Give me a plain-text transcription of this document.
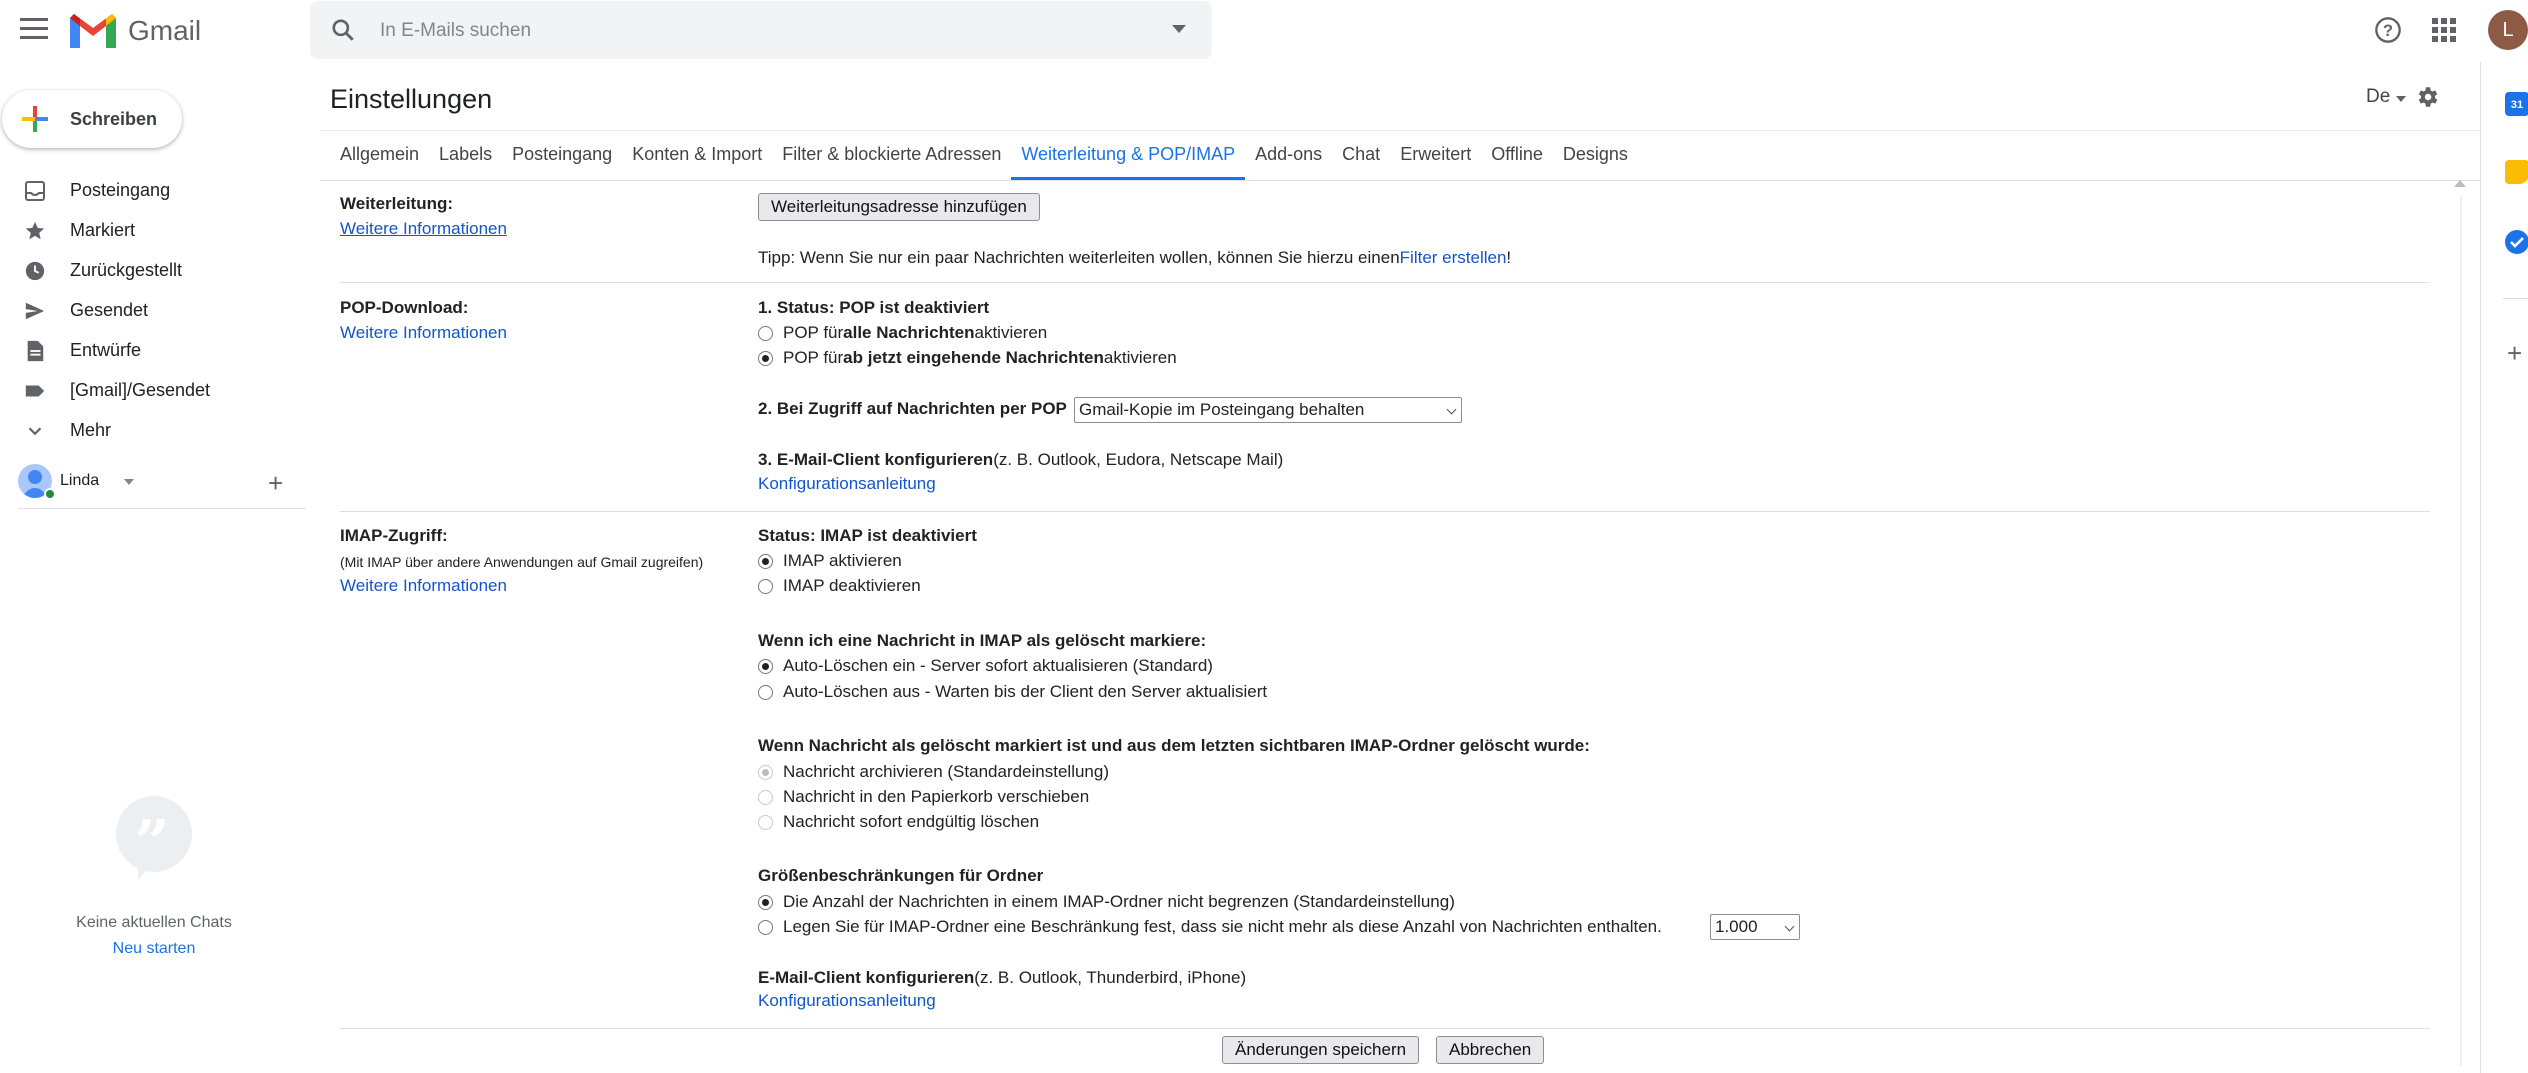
Gmail	In E-Mails suchen	?	L
Schreiben
Posteingang
Markiert
Zurückgestellt
Gesendet
Entwürfe
[Gmail]/Gesendet
Mehr
Linda	+
”
Keine aktuellen Chats
Neu starten
Einstellungen	De
Allgemein	Labels	Posteingang	Konten & Import	Filter & blockierte Adressen	Weiterleitung & POP/IMAP	Add-ons	Chat	Erweitert	Offline	Designs
Weiterleitung:
Weitere Informationen
Weiterleitungsadresse hinzufügen
Tipp: Wenn Sie nur ein paar Nachrichten weiterleiten wollen, können Sie hierzu einen Filter erstellen !
POP-Download:
Weitere Informationen
1. Status: POP ist deaktiviert
POP für alle Nachrichten aktivieren
POP für ab jetzt eingehende Nachrichten aktivieren
2. Bei Zugriff auf Nachrichten per POP Gmail-Kopie im Posteingang behalten
3. E-Mail-Client konfigurieren (z. B. Outlook, Eudora, Netscape Mail)
Konfigurationsanleitung
IMAP-Zugriff:
(Mit IMAP über andere Anwendungen auf Gmail zugreifen)
Weitere Informationen
Status: IMAP ist deaktiviert
IMAP aktivieren
IMAP deaktivieren
Wenn ich eine Nachricht in IMAP als gelöscht markiere:
Auto-Löschen ein - Server sofort aktualisieren (Standard)
Auto-Löschen aus - Warten bis der Client den Server aktualisiert
Wenn Nachricht als gelöscht markiert ist und aus dem letzten sichtbaren IMAP-Ordner gelöscht wurde:
Nachricht archivieren (Standardeinstellung)
Nachricht in den Papierkorb verschieben
Nachricht sofort endgültig löschen
Größenbeschränkungen für Ordner
Die Anzahl der Nachrichten in einem IMAP-Ordner nicht begrenzen (Standardeinstellung)
Legen Sie für IMAP-Ordner eine Beschränkung fest, dass sie nicht mehr als diese Anzahl von Nachrichten enthalten.	1.000
E-Mail-Client konfigurieren (z. B. Outlook, Thunderbird, iPhone)
Konfigurationsanleitung
Änderungen speichern	Abbrechen
31
+
